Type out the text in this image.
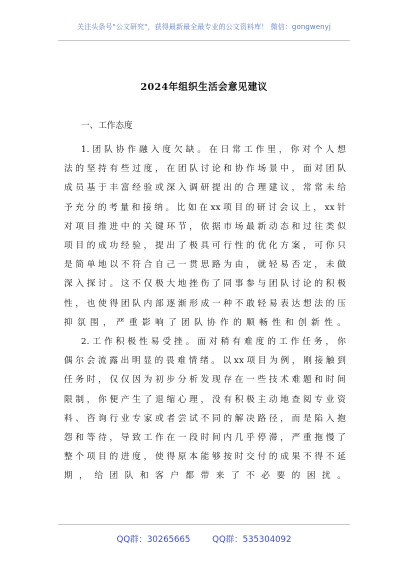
关注头条号"公文研究"，获得最新最全最专业的公文资料库！ 微信：gongwenyj
2024年组织生活会意见建议
一、工作态度

1.团队协作融入度欠缺。在日常工作里，你对个人想
法的坚持有些过度，在团队讨论和协作场景中，面对团队
成员基于丰富经验或深入调研提出的合理建议，常常未给
予充分的考量和接纳。比如在xx项目的研讨会议上，xx针
对项目推进中的关键环节，依据市场最新动态和过往类似
项目的成功经验，提出了极具可行性的优化方案，可你只
是简单地以不符合自己一贯思路为由，就轻易否定，未做
深入探讨。这不仅极大地挫伤了同事参与团队讨论的积极
性，也使得团队内部逐渐形成一种不敢轻易表达想法的压
抑氛围，严重影响了团队协作的顺畅性和创新性。

2.工作积极性易受挫。面对稍有难度的工作任务，你
偶尔会流露出明显的畏难情绪。以xx项目为例，刚接触到
任务时，仅仅因为初步分析发现存在一些技术难题和时间
限制，你便产生了退缩心理，没有积极主动地查阅专业资
料、咨询行业专家或者尝试不同的解决路径，而是陷入抱
怨和等待，导致工作在一段时间内几乎停滞，严重拖慢了
整个项目的进度，使得原本能够按时交付的成果不得不延
期，给团队和客户都带来了不必要的困扰。

QQ群：30265665	QQ群：535304092
